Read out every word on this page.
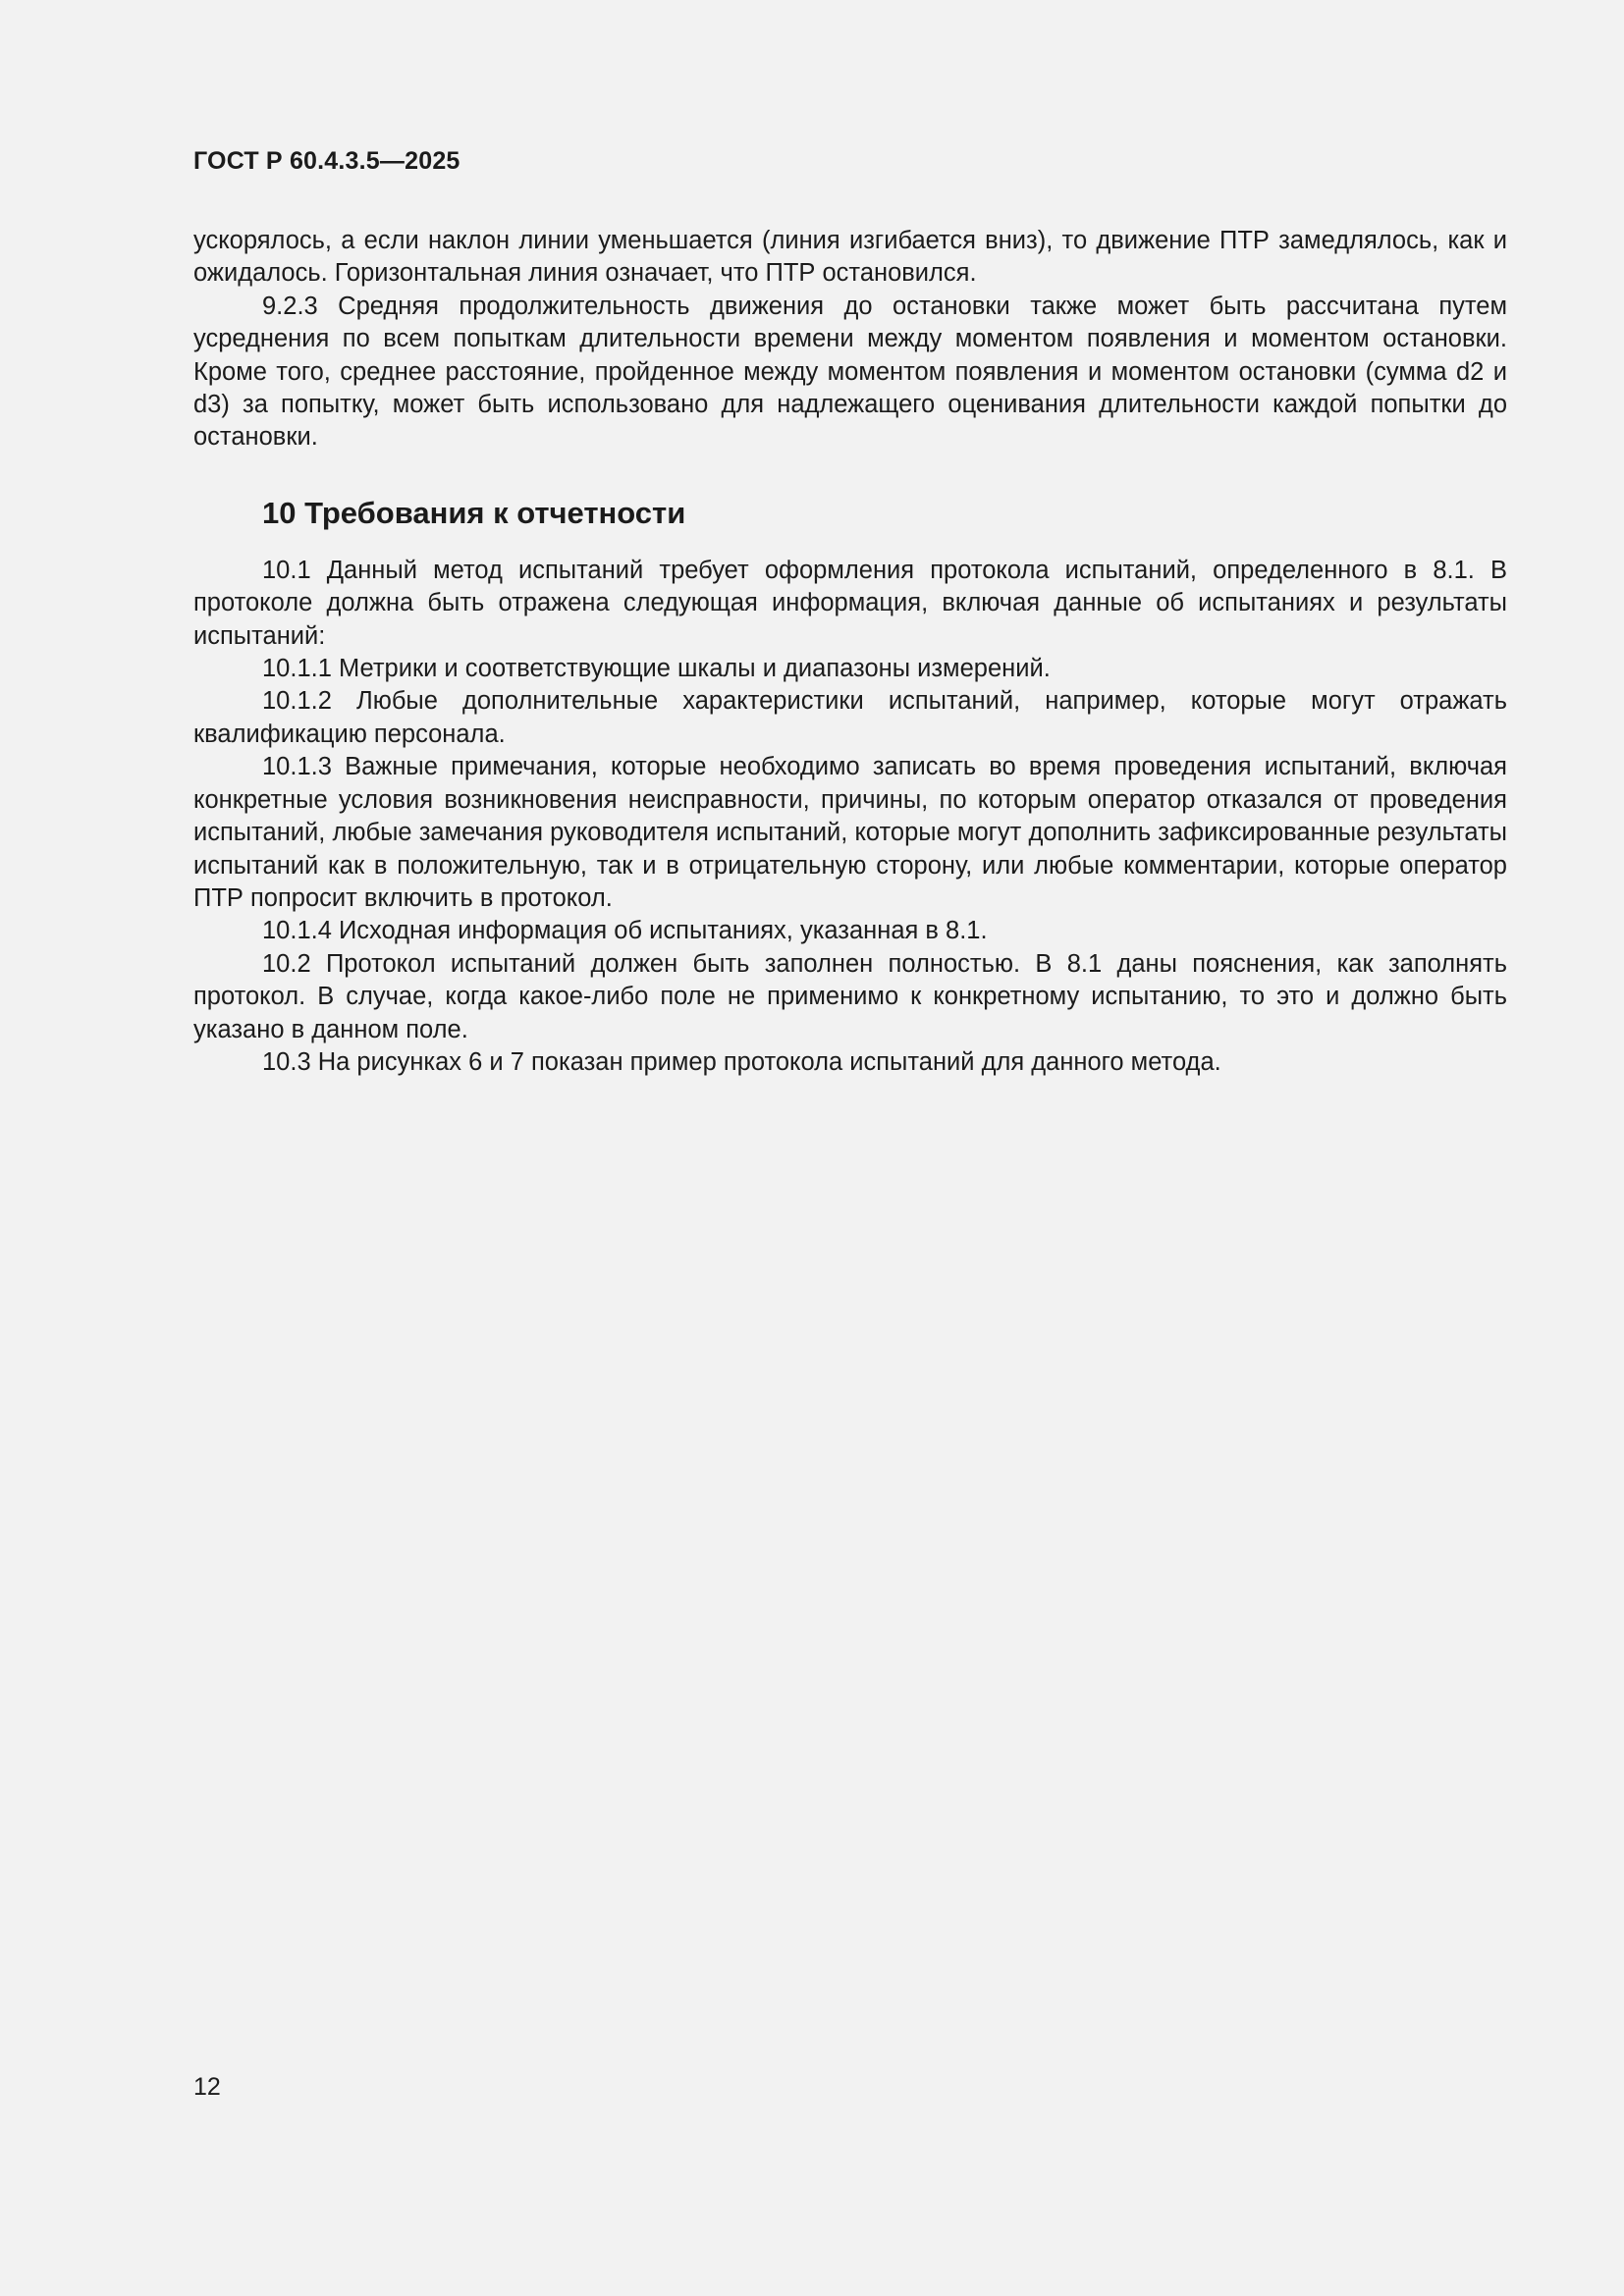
ГОСТ Р 60.4.3.5—2025

ускорялось, а если наклон линии уменьшается (линия изгибается вниз), то движение ПТР замедлялось, как и ожидалось. Горизонтальная линия означает, что ПТР остановился.

9.2.3 Средняя продолжительность движения до остановки также может быть рассчитана путем усреднения по всем попыткам длительности времени между моментом появления и моментом остановки. Кроме того, среднее расстояние, пройденное между моментом появления и моментом остановки (сумма d2 и d3) за попытку, может быть использовано для надлежащего оценивания длительности каждой попытки до остановки.

10 Требования к отчетности

10.1 Данный метод испытаний требует оформления протокола испытаний, определенного в 8.1. В протоколе должна быть отражена следующая информация, включая данные об испытаниях и результаты испытаний:

10.1.1 Метрики и соответствующие шкалы и диапазоны измерений.

10.1.2 Любые дополнительные характеристики испытаний, например, которые могут отражать квалификацию персонала.

10.1.3 Важные примечания, которые необходимо записать во время проведения испытаний, включая конкретные условия возникновения неисправности, причины, по которым оператор отказался от проведения испытаний, любые замечания руководителя испытаний, которые могут дополнить зафиксированные результаты испытаний как в положительную, так и в отрицательную сторону, или любые комментарии, которые оператор ПТР попросит включить в протокол.

10.1.4 Исходная информация об испытаниях, указанная в 8.1.

10.2 Протокол испытаний должен быть заполнен полностью. В 8.1 даны пояснения, как заполнять протокол. В случае, когда какое-либо поле не применимо к конкретному испытанию, то это и должно быть указано в данном поле.

10.3 На рисунках 6 и 7 показан пример протокола испытаний для данного метода.

12
